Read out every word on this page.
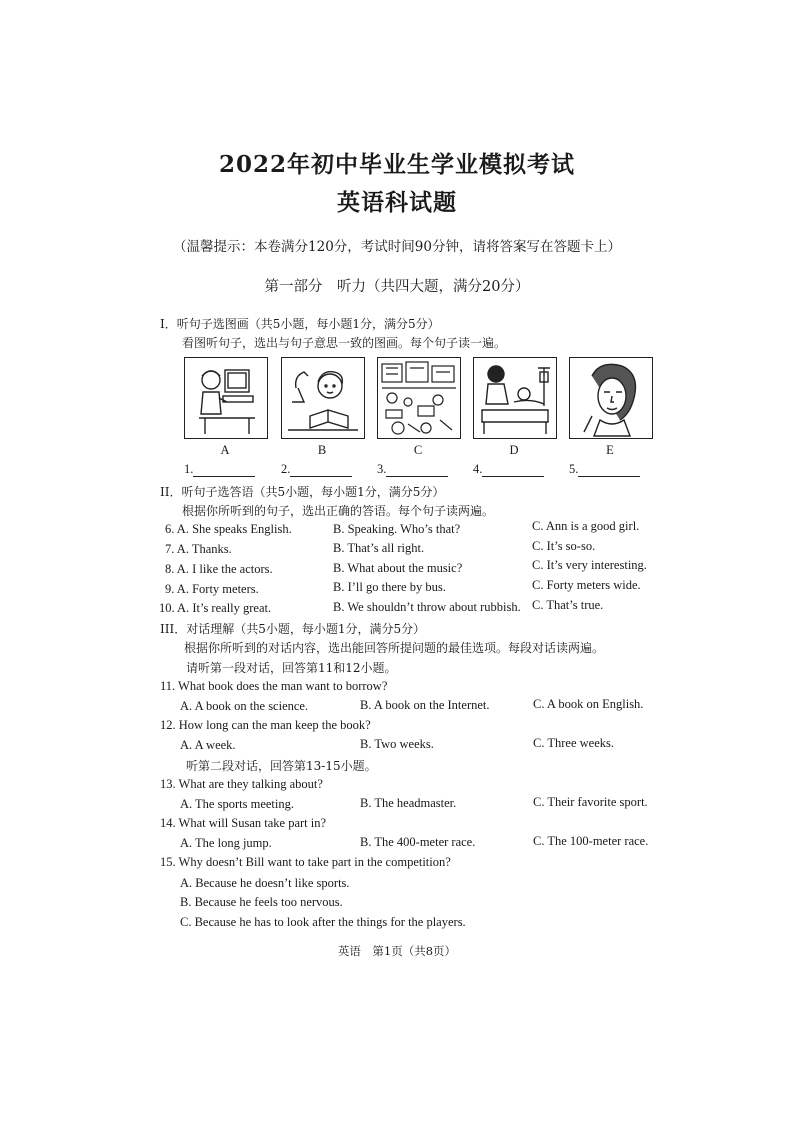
2022年初中毕业生学业模拟考试
英语科试题
（温馨提示：本卷满分120分，考试时间90分钟，请将答案写在答题卡上）
第一部分　听力（共四大题，满分20分）
I．听句子选图画（共5小题，每小题1分，满分5分）
看图听句子，选出与句子意思一致的图画。每个句子读一遍。
A	B	C	D	E
1.	2.	3.	4.	5.
II．听句子选答语（共5小题，每小题1分，满分5分）
根据你所听到的句子，选出正确的答语。每个句子读两遍。
6. A. She speaks English.	B. Speaking. Who’s that?	C. Ann is a good girl.
7. A. Thanks.	B. That’s all right.	C. It’s so-so.
8. A. I like the actors.	B. What about the music?	C. It’s very interesting.
9. A. Forty meters.	B. I’ll go there by bus.	C. Forty meters wide.
10. A. It’s really great.	B. We shouldn’t throw about rubbish. C. That’s true.
III．对话理解（共5小题，每小题1分，满分5分）
根据你所听到的对话内容，选出能回答所提问题的最佳选项。每段对话读两遍。
请听第一段对话，回答第11和12小题。
11. What book does the man want to borrow?
A. A book on the science.	B. A book on the Internet.	C. A book on English.
12. How long can the man keep the book?
A. A week.	B. Two weeks.	C. Three weeks.
听第二段对话，回答第13-15小题。
13. What are they talking about?
A. The sports meeting.	B. The headmaster.	C. Their favorite sport.
14. What will Susan take part in?
A. The long jump.	B. The 400-meter race.	C. The 100-meter race.
15. Why doesn’t Bill want to take part in the competition?
A. Because he doesn’t like sports.
B. Because he feels too nervous.
C. Because he has to look after the things for the players.
英语　第1页（共8页）
